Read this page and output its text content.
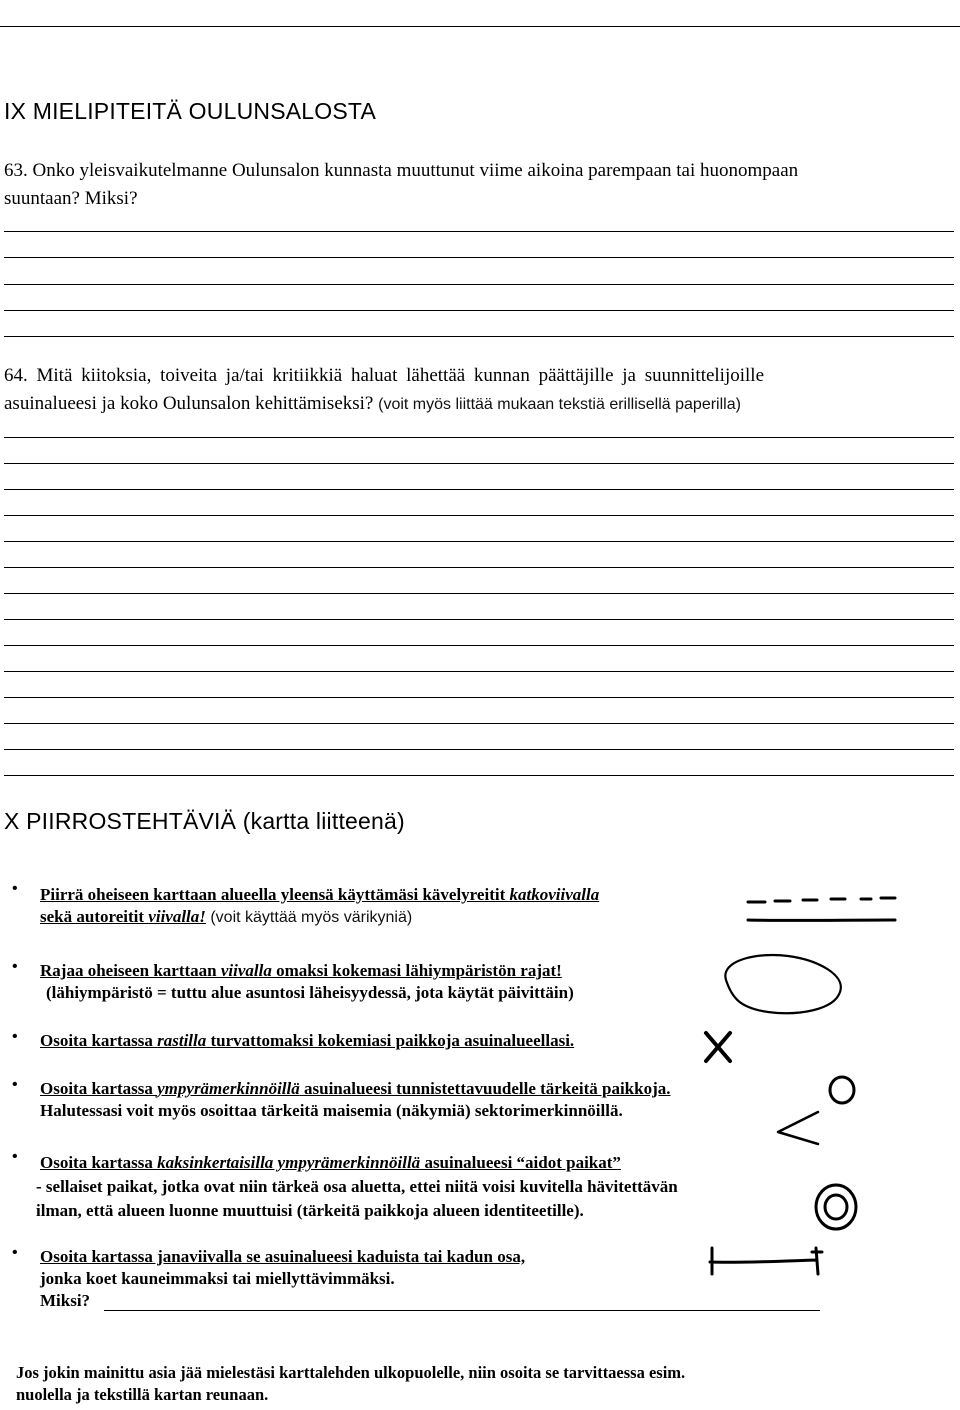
IX MIELIPITEITÄ OULUNSALOSTA
63. Onko yleisvaikutelmanne Oulunsalon kunnasta muuttunut viime aikoina parempaan tai huonompaan
suuntaan? Miksi?
64. Mitä kiitoksia, toiveita ja/tai kritiikkiä haluat lähettää kunnan päättäjille ja suunnittelijoille
asuinalueesi ja koko Oulunsalon kehittämiseksi? (voit myös liittää mukaan tekstiä erillisellä paperilla)
X PIIRROSTEHTÄVIÄ (kartta liitteenä)
• Piirrä oheiseen karttaan alueella yleensä käyttämäsi kävelyreitit katkoviivalla
sekä autoreitit viivalla! (voit käyttää myös värikyniä)
• Rajaa oheiseen karttaan viivalla omaksi kokemasi lähiympäristön rajat!
(lähiympäristö = tuttu alue asuntosi läheisyydessä, jota käytät päivittäin)
• Osoita kartassa rastilla turvattomaksi kokemiasi paikkoja asuinalueellasi.
• Osoita kartassa ympyrämerkinnöillä asuinalueesi tunnistettavuudelle tärkeitä paikkoja.
Halutessasi voit myös osoittaa tärkeitä maisemia (näkymiä) sektorimerkinnöillä.
• Osoita kartassa kaksinkertaisilla ympyrämerkinnöillä asuinalueesi “aidot paikat”
- sellaiset paikat, jotka ovat niin tärkeä osa aluetta, ettei niitä voisi kuvitella hävitettävän
ilman, että alueen luonne muuttuisi (tärkeitä paikkoja alueen identiteetille).
• Osoita kartassa janaviivalla se asuinalueesi kaduista tai kadun osa,
jonka koet kauneimmaksi tai miellyttävimmäksi.
Miksi?
Jos jokin mainittu asia jää mielestäsi karttalehden ulkopuolelle, niin osoita se tarvittaessa esim.
nuolella ja tekstillä kartan reunaan.
